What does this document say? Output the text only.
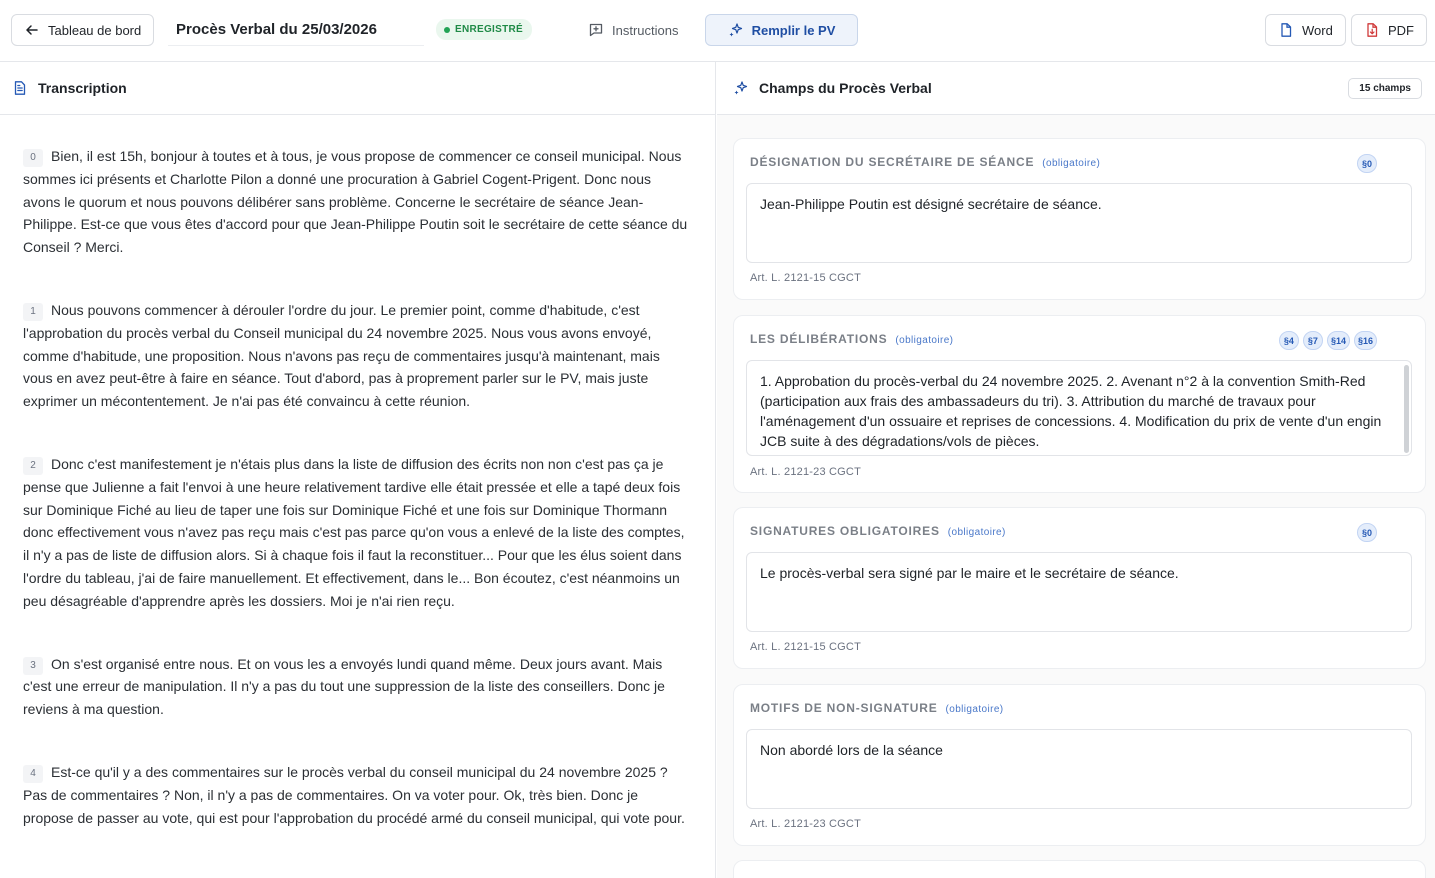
Tableau de bord	Procès Verbal du 25/03/2026	ENREGISTRÉ	Instructions	Remplir le PV	Word	PDF
Transcription

0 Bien, il est 15h, bonjour à toutes et à tous, je vous propose de commencer ce conseil municipal. Nous sommes ici présents et Charlotte Pilon a donné une procuration à Gabriel Cogent-Prigent. Donc nous avons le quorum et nous pouvons délibérer sans problème. Concerne le secrétaire de séance Jean-Philippe. Est-ce que vous êtes d'accord pour que Jean-Philippe Poutin soit le secrétaire de cette séance du Conseil ? Merci.

1 Nous pouvons commencer à dérouler l'ordre du jour. Le premier point, comme d'habitude, c'est l'approbation du procès verbal du Conseil municipal du 24 novembre 2025. Nous vous avons envoyé, comme d'habitude, une proposition. Nous n'avons pas reçu de commentaires jusqu'à maintenant, mais vous en avez peut-être à faire en séance. Tout d'abord, pas à proprement parler sur le PV, mais juste exprimer un mécontentement. Je n'ai pas été convaincu à cette réunion.

2 Donc c'est manifestement je n'étais plus dans la liste de diffusion des écrits non non c'est pas ça je pense que Julienne a fait l'envoi à une heure relativement tardive elle était pressée et elle a tapé deux fois sur Dominique Fiché au lieu de taper une fois sur Dominique Fiché et une fois sur Dominique Thormann donc effectivement vous n'avez pas reçu mais c'est pas parce qu'on vous a enlevé de la liste des comptes, il n'y a pas de liste de diffusion alors. Si à chaque fois il faut la reconstituer... Pour que les élus soient dans l'ordre du tableau, j'ai de faire manuellement. Et effectivement, dans le... Bon écoutez, c'est néanmoins un peu désagréable d'apprendre après les dossiers. Moi je n'ai rien reçu.

3 On s'est organisé entre nous. Et on vous les a envoyés lundi quand même. Deux jours avant. Mais c'est une erreur de manipulation. Il n'y a pas du tout une suppression de la liste des conseillers. Donc je reviens à ma question.

4 Est-ce qu'il y a des commentaires sur le procès verbal du conseil municipal du 24 novembre 2025 ? Pas de commentaires ? Non, il n'y a pas de commentaires. On va voter pour. Ok, très bien. Donc je propose de passer au vote, qui est pour l'approbation du procédé armé du conseil municipal, qui vote pour.

Champs du Procès Verbal	15 champs
DÉSIGNATION DU SECRÉTAIRE DE SÉANCE (obligatoire)	§0
Jean-Philippe Poutin est désigné secrétaire de séance.
Art. L. 2121-15 CGCT
LES DÉLIBÉRATIONS (obligatoire)	§4	§7	§14	§16
1. Approbation du procès-verbal du 24 novembre 2025. 2. Avenant n°2 à la convention Smith-Red (participation aux frais des ambassadeurs du tri). 3. Attribution du marché de travaux pour l'aménagement d'un ossuaire et reprises de concessions. 4. Modification du prix de vente d'un engin JCB suite à des dégradations/vols de pièces.
Art. L. 2121-23 CGCT
SIGNATURES OBLIGATOIRES (obligatoire)	§0
Le procès-verbal sera signé par le maire et le secrétaire de séance.
Art. L. 2121-15 CGCT
MOTIFS DE NON-SIGNATURE (obligatoire)
Non abordé lors de la séance
Art. L. 2121-23 CGCT
